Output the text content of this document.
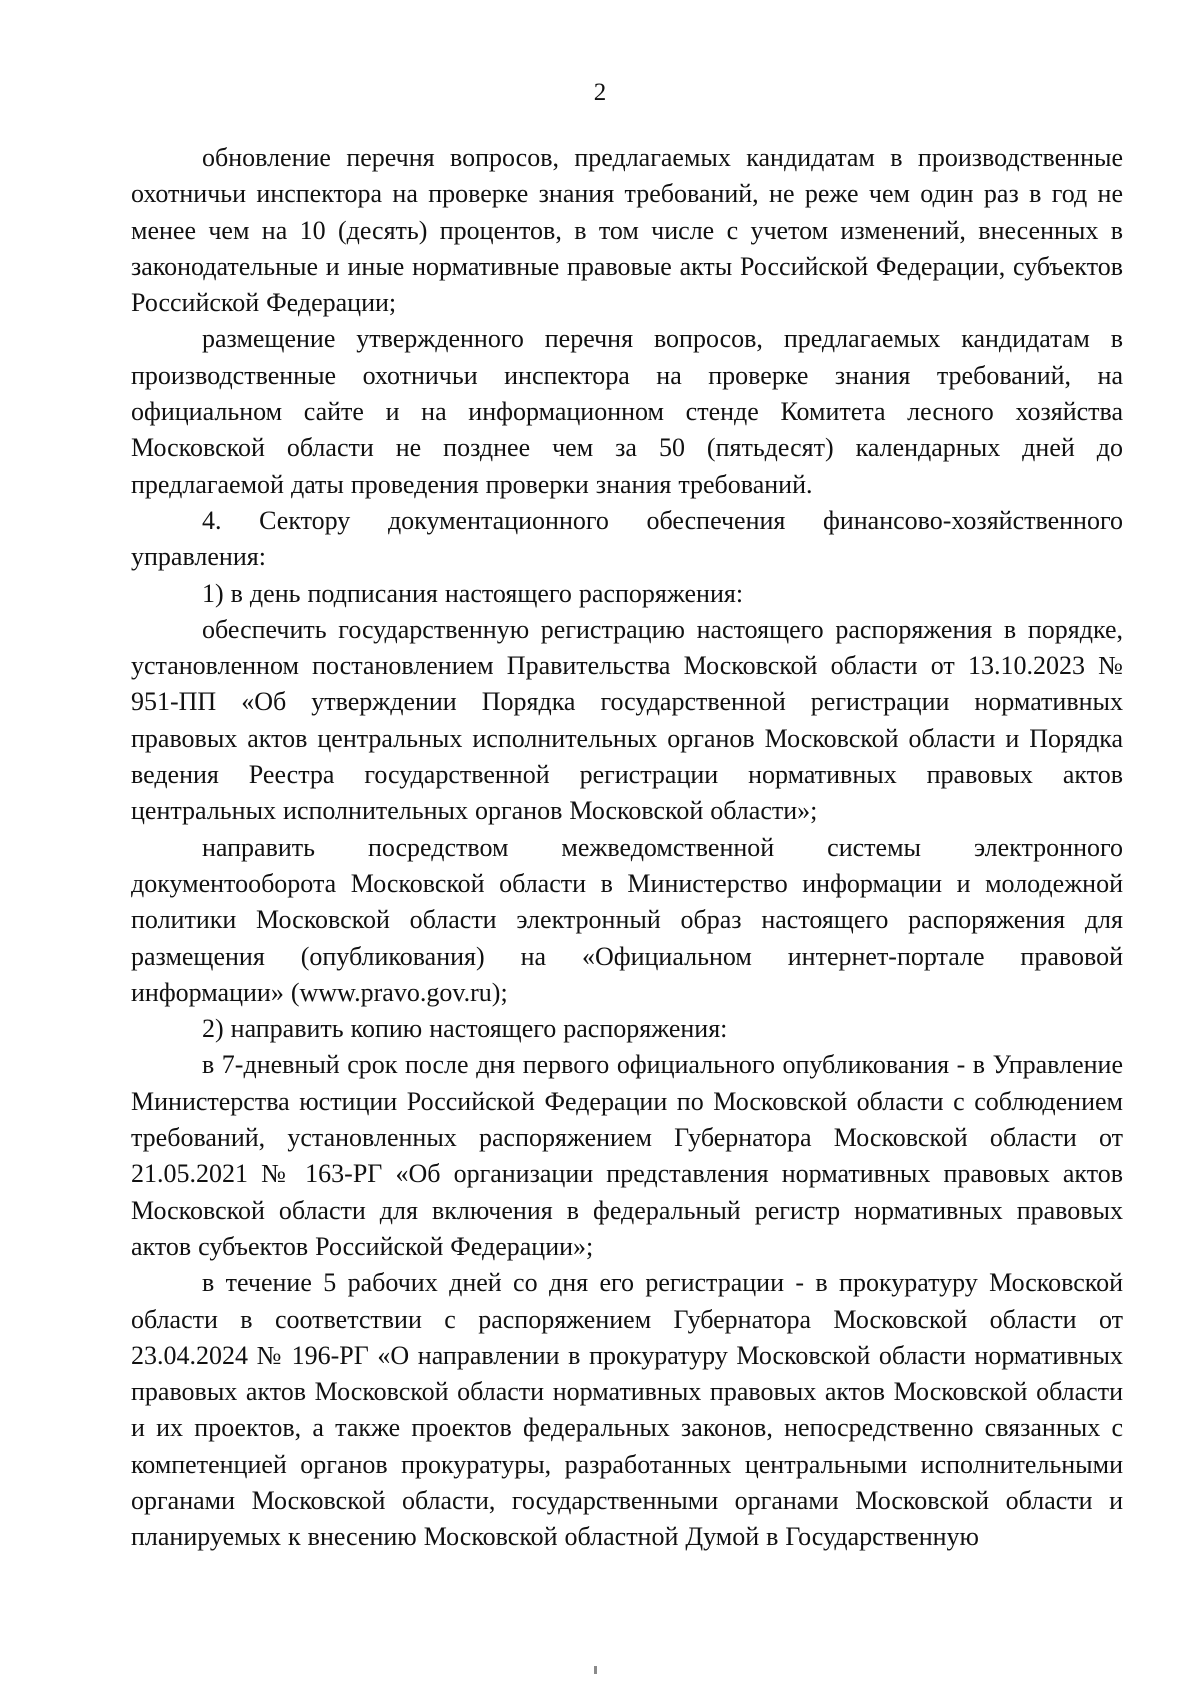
2

обновление перечня вопросов, предлагаемых кандидатам в производственные охотничьи инспектора на проверке знания требований, не реже чем один раз в год не менее чем на 10 (десять) процентов, в том числе с учетом изменений, внесенных в законодательные и иные нормативные правовые акты Российской Федерации, субъектов Российской Федерации;

размещение утвержденного перечня вопросов, предлагаемых кандидатам в производственные охотничьи инспектора на проверке знания требований, на официальном сайте и на информационном стенде Комитета лесного хозяйства Московской области не позднее чем за 50 (пятьдесят) календарных дней до предлагаемой даты проведения проверки знания требований.

4. Сектору документационного обеспечения финансово-хозяйственного управления:

1) в день подписания настоящего распоряжения:

обеспечить государственную регистрацию настоящего распоряжения в порядке, установленном постановлением Правительства Московской области от 13.10.2023 № 951-ПП «Об утверждении Порядка государственной регистрации нормативных правовых актов центральных исполнительных органов Московской области и Порядка ведения Реестра государственной регистрации нормативных правовых актов центральных исполнительных органов Московской области»;

направить посредством межведомственной системы электронного документооборота Московской области в Министерство информации и молодежной политики Московской области электронный образ настоящего распоряжения для размещения (опубликования) на «Официальном интернет-портале правовой информации» (www.pravo.gov.ru);

2) направить копию настоящего распоряжения:

в 7-дневный срок после дня первого официального опубликования - в Управление Министерства юстиции Российской Федерации по Московской области с соблюдением требований, установленных распоряжением Губернатора Московской области от 21.05.2021 № 163-РГ «Об организации представления нормативных правовых актов Московской области для включения в федеральный регистр нормативных правовых актов субъектов Российской Федерации»;

в течение 5 рабочих дней со дня его регистрации - в прокуратуру Московской области в соответствии с распоряжением Губернатора Московской области от 23.04.2024 № 196-РГ «О направлении в прокуратуру Московской области нормативных правовых актов Московской области нормативных правовых актов Московской области и их проектов, а также проектов федеральных законов, непосредственно связанных с компетенцией органов прокуратуры, разработанных центральными исполнительными органами Московской области, государственными органами Московской области и планируемых к внесению Московской областной Думой в Государственную
